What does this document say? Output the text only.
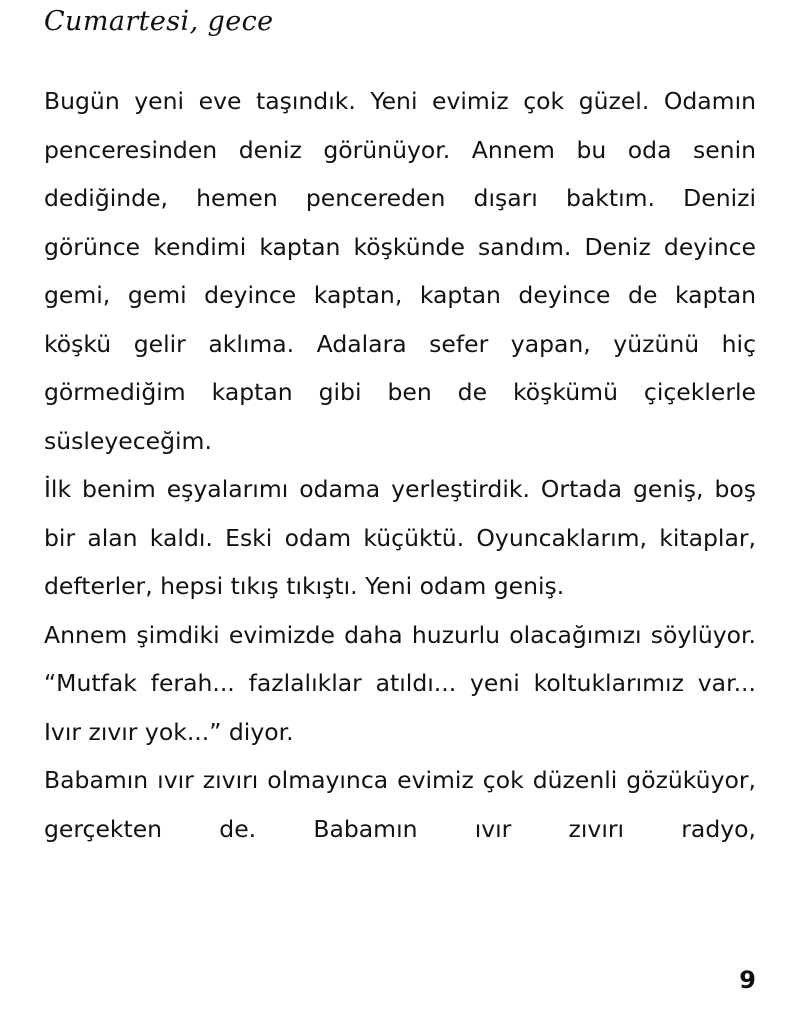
Cumartesi, gece

Bugün yeni eve taşındık. Yeni evimiz çok güzel. Odamın penceresinden deniz görünüyor. Annem bu oda senin dediğinde, hemen pencereden dışarı baktım. Denizi görünce kendimi kaptan köşkünde sandım. Deniz deyince gemi, gemi deyince kaptan, kaptan deyince de kaptan köşkü gelir aklıma. Adalara sefer yapan, yüzünü hiç görmediğim kaptan gibi ben de köşkümü çiçeklerle süsleyeceğim.

İlk benim eşyalarımı odama yerleştirdik. Ortada geniş, boş bir alan kaldı. Eski odam küçüktü. Oyuncaklarım, kitaplar, defterler, hepsi tıkış tıkıştı. Yeni odam geniş.

Annem şimdiki evimizde daha huzurlu olacağımızı söylüyor.

“Mutfak ferah... fazlalıklar atıldı... yeni koltuklarımız var... Ivır zıvır yok...” diyor.

Babamın ıvır zıvırı olmayınca evimiz çok düzenli gözüküyor, gerçekten de. Babamın ıvır zıvırı radyo,

9
